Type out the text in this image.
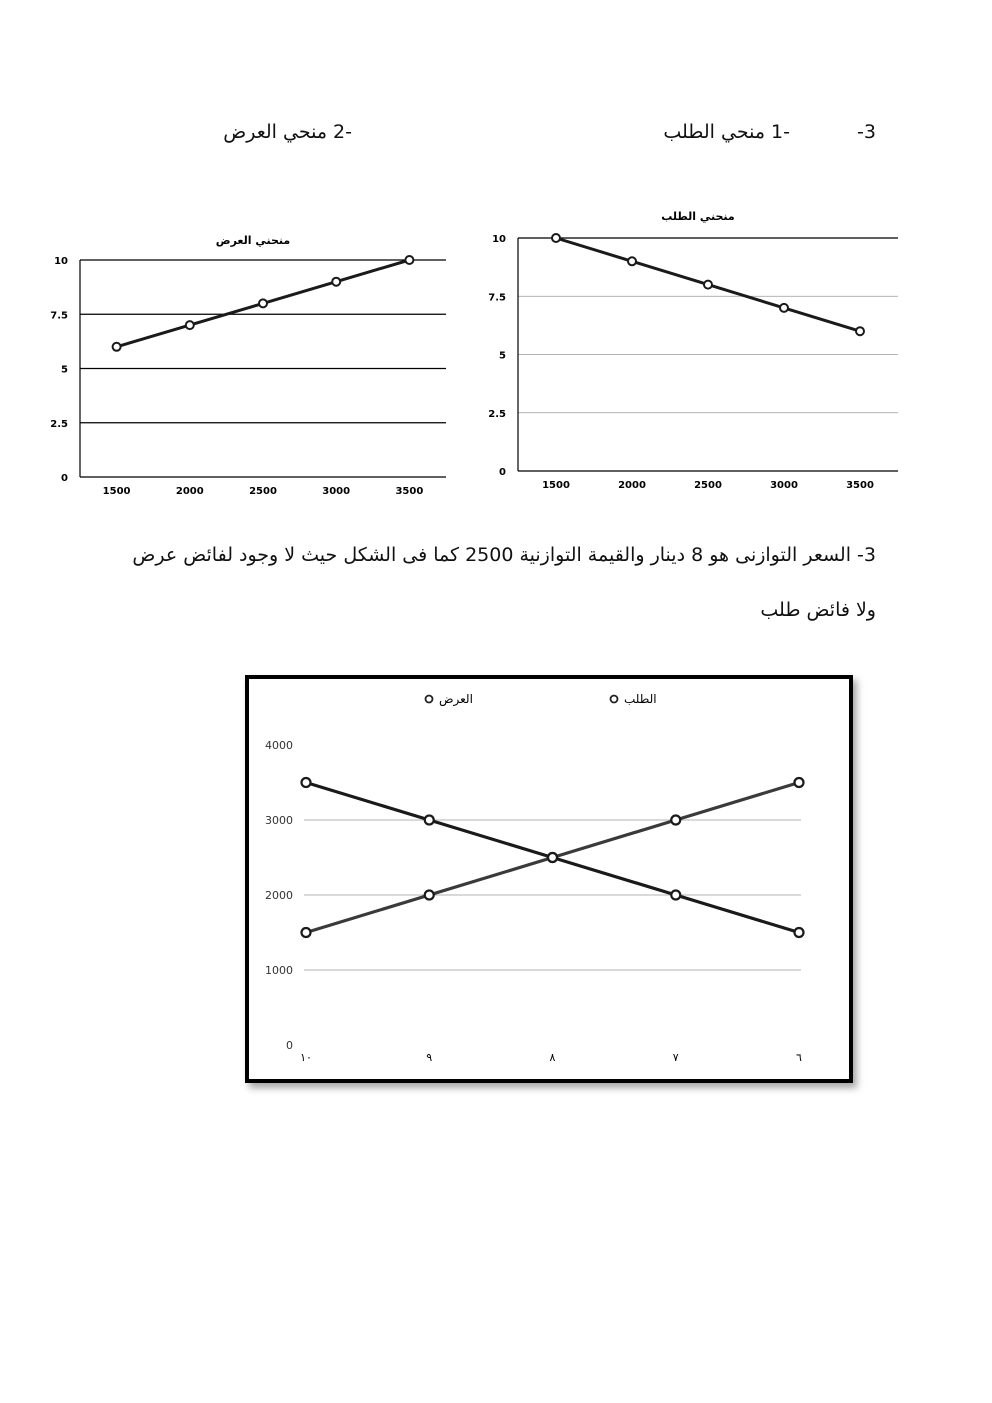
-3
-1 منحي الطلب
-2 منحي العرض
منحني الطلب
0
2.5
5
7.5
10
1500	2000	2500	3000	3500
منحني العرض
0
2.5
5
7.5
10
1500	2000	2500	3000	3500
3- السعر التوازنى هو 8 دينار والقيمة التوازنية 2500 كما فى الشكل حيث لا وجود لفائض عرض
ولا فائض طلب
0
1000
2000
3000
4000
١٠	٩	٨	٧	٦
العرض	الطلب
